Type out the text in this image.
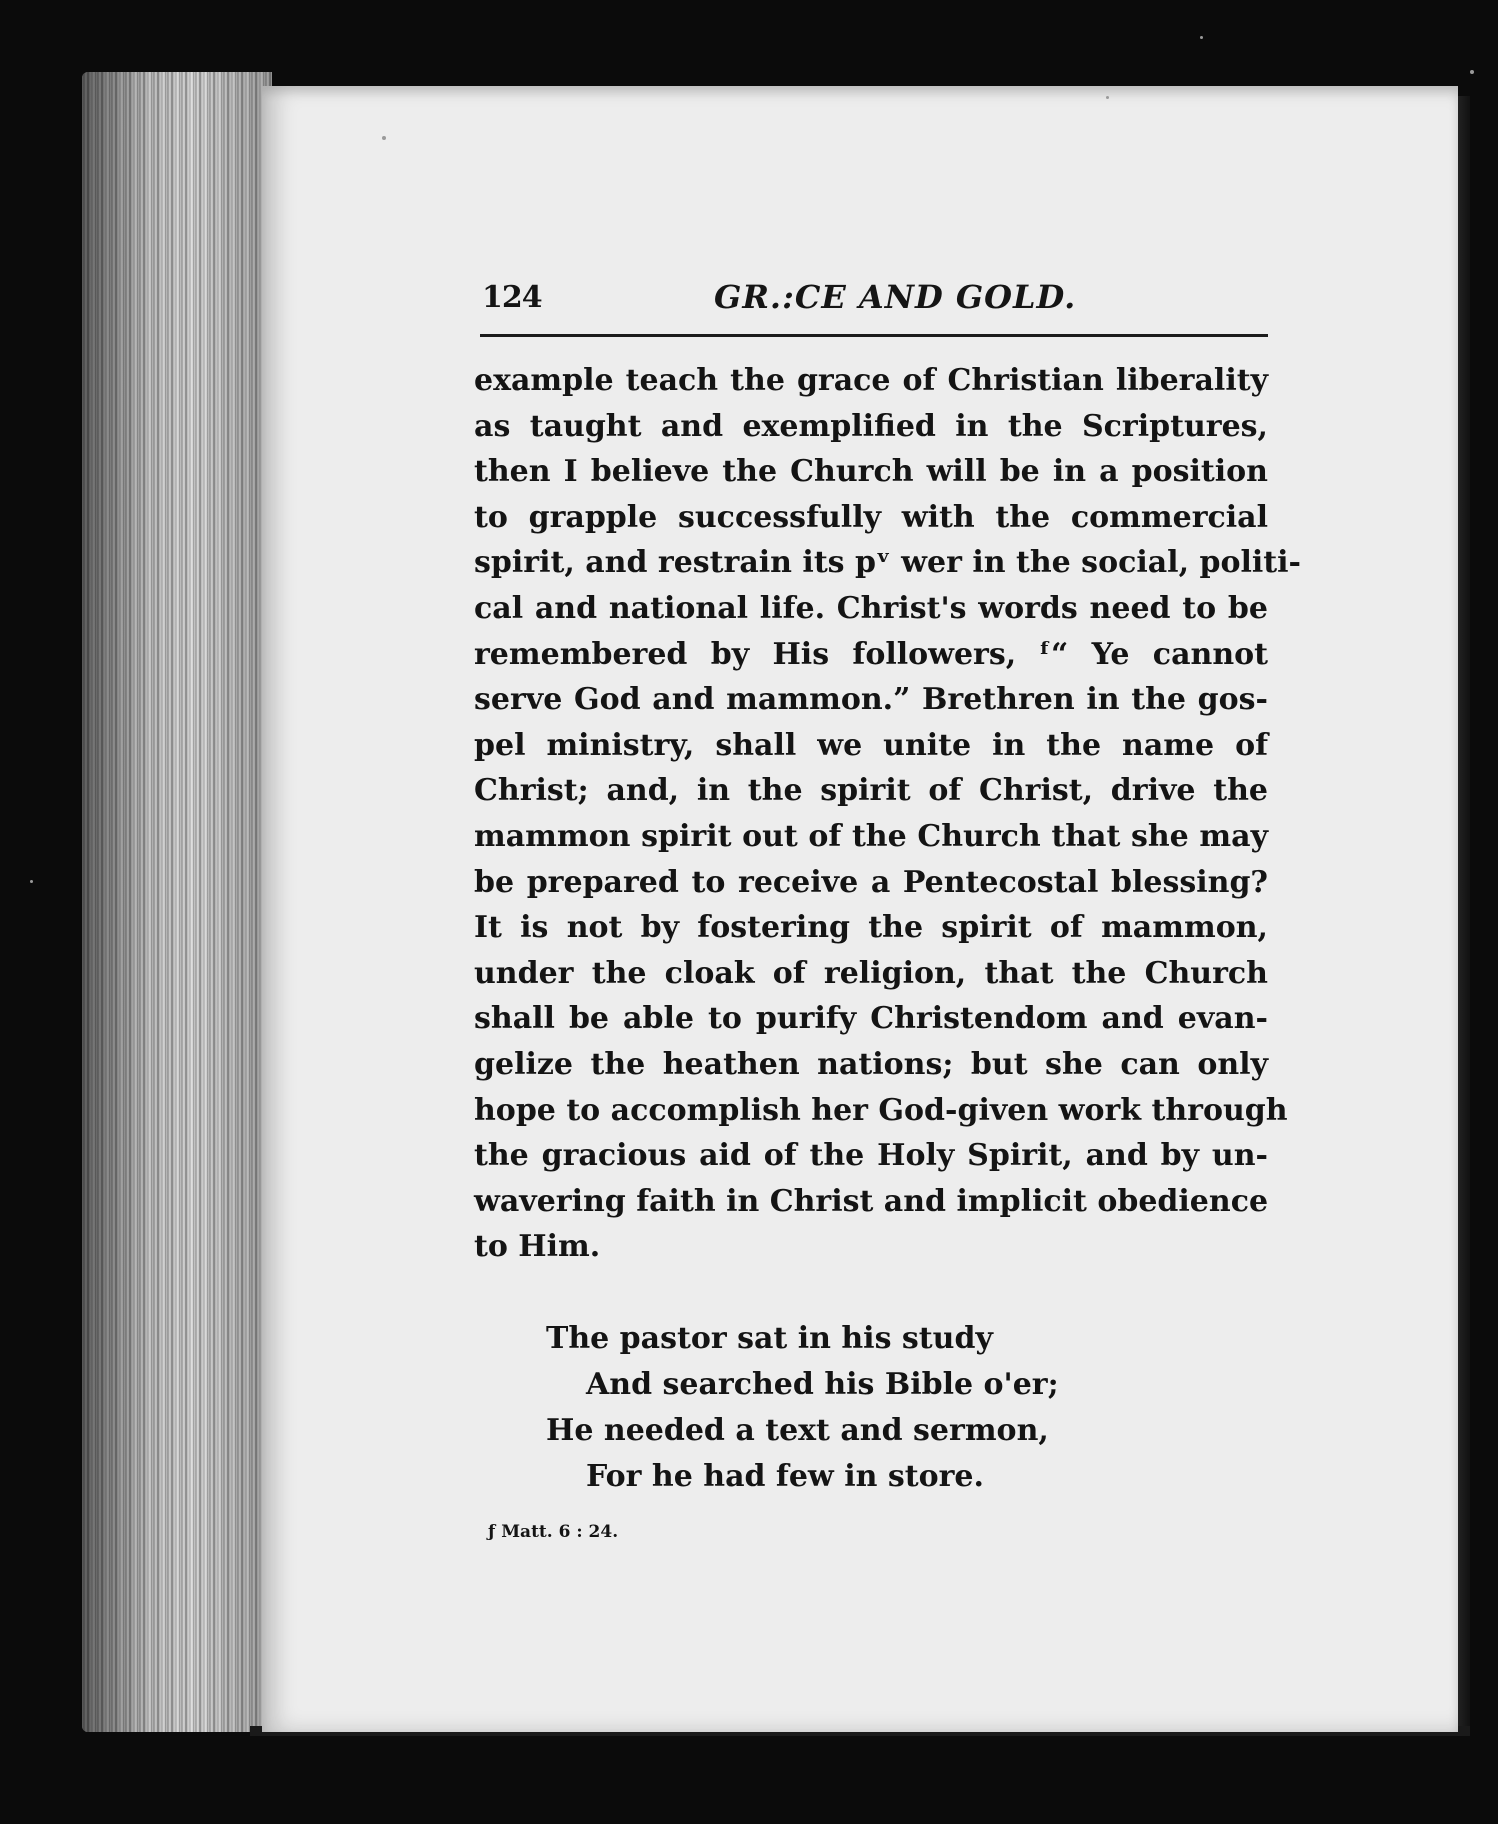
124	GR.:CE AND GOLD.
example teach the grace of Christian liberality
as taught and exemplified in the Scriptures,
then I believe the Church will be in a position
to grapple successfully with the commercial
spirit, and restrain its pᵛ wer in the social, politi-
cal and national life. Christ's words need to be
remembered by His followers, ᶠ“ Ye cannot
serve God and mammon.” Brethren in the gos-
pel ministry, shall we unite in the name of
Christ; and, in the spirit of Christ, drive the
mammon spirit out of the Church that she may
be prepared to receive a Pentecostal blessing?
It is not by fostering the spirit of mammon,
under the cloak of religion, that the Church
shall be able to purify Christendom and evan-
gelize the heathen nations; but she can only
hope to accomplish her God-given work through
the gracious aid of the Holy Spirit, and by un-
wavering faith in Christ and implicit obedience
to Him.
The pastor sat in his study
And searched his Bible o'er;
He needed a text and sermon,
For he had few in store.
ƒ Matt. 6 : 24.
